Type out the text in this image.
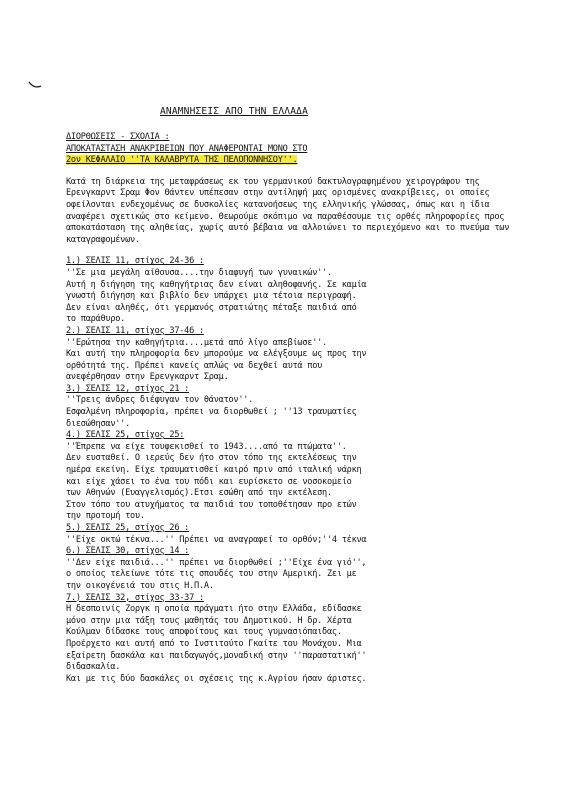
ΑΝΑΜΝΗΣΕΙΣ ΑΠΟ ΤΗΝ ΕΛΛΑΔΑ

ΔΙΟΡΘΩΣΕΙΣ - ΣΧΟΛΙΑ :

ΑΠΟΚΑΤΑΣΤΑΣΗ ΑΝΑΚΡΙΒΕΙΩΝ ΠΟΥ ΑΝΑΦΕΡΟΝΤΑΙ ΜΟΝΟ ΣΤΟ

2ον ΚΕΦΑΛΑΙΟ ''ΤΑ ΚΑΛΑΒΡΥΤΑ ΤΗΣ ΠΕΛΟΠΟΝΝΗΣΟΥ''.

Κατά τη διάρκεια της μεταφράσεως εκ του γερμανικού δακτυλογραφημένου χειρογράφου της Ερενγκαρντ Σραμ Φον Θάντεν υπέπεσαν στην αντίληψή μας ορισμένες ανακρίβειες, οι οποίες οφείλονται ενδεχομένως σε δυσκολίες κατανοήσεως της ελληνικής γλώσσας, όπως και η ίδια αναφέρει σχετικώς στο κείμενο. Θεωρούμε σκόπιμο να παραθέσουμε τις ορθές πληροφορίες προς αποκατάσταση της αληθείας, χωρίς αυτό βέβαια να αλλοιώνει το περιεχόμενο και το πνεύμα των καταγραφομένων.

1.) ΣΕΛΙΣ 11, στίχος 24-36 :

''Σε μια μεγάλη αίθουσα....την διαφυγή των γυναικών''.

Αυτή η διήγηση της καθηγήτριας δεν είναι αληθοφανής. Σε καμία

γνωστή διήγηση και βιβλίο δεν υπάρχει μια τέτοια περιγραφή.

Δεν είναι αληθές, ότι γερμανός στρατιώτης πέταξε παιδιά από

το παράθυρο.

2.) ΣΕΛΙΣ 11, στίχος 37-46 :

''Ερώτησα την καθηγήτρια....μετά από λίγο απεβίωσε''.

Και αυτή την πληροφορία δεν μπορούμε να ελέγξουμε ως προς την

ορθότητά της. Πρέπει κανείς απλώς να δεχθεί αυτά που

ανεφέρθησαν στην Ερενγκαρντ Σραμ.

3.) ΣΕΛΙΣ 12, στίχος 21 :

''Τρεις άνδρες διέφυγαν τον θάνατον''.

Εσφαλμένη πληροφορία, πρέπει να διορθωθεί ; ''13 τραυματίες

διεσώθησαν''.

4.) ΣΕΛΙΣ 25, στίχος 25:

''Έπρεπε να είχε τουφεκισθεί το 1943....από τα πτώματα''.

Δεν ευσταθεί. Ο ιερεύς δεν ήτο στον τόπο της εκτελέσεως την

ημέρα εκείνη. Είχε τραυματισθεί καιρό πριν από ιταλική νάρκη

και είχε χάσει το ένα του πόδι και ευρίσκετο σε νοσοκομείο

των Αθηνών (Ευαγγελισμός).Ετσι εσώθη από την εκτέλεση.

Στον τόπο του ατυχήματος τα παιδιά του τοποθέτησαν προ ετών

την προτομή του.

5.) ΣΕΛΙΣ 25, στίχος 26 :

''Είχε οκτώ τέκνα...'' Πρέπει να αναγραφεί το ορθόν;''4 τέκνα

6.) ΣΕΛΙΣ 30, στίχος 14 :

''Δεν είχε παιδιά...'' πρέπει να διορθωθεί ;''Είχε ένα γιό'',

ο οποίος τελείωνε τότε τις σπουδές του στην Αμερική. Ζει με

την οικογένειά του στις Η.Π.Α.

7.) ΣΕΛΙΣ 32, στίχος 33-37 :

Η δεσποινίς Ζοργκ η οποία πράγματι ήτο στην Ελλάδα, εδίδασκε

μόνο στην μια τάξη τους μαθητάς του Δημοτικού. Η δρ. Χέρτα

Κούλμαν δίδασκε τους αποφοίτους και τους γυμνασιόπαιδας.

Προέρχετο και αυτή από το Ινστιτούτο Γκαίτε του Μονάχου. Μια

εξαίρετη δασκάλα και παιδαγωγός,μοναδική στην ''παραστατική''

διδασκαλία.

Και με τις δύο δασκάλες οι σχέσεις της κ.Αγρίου ήσαν άριστες.
